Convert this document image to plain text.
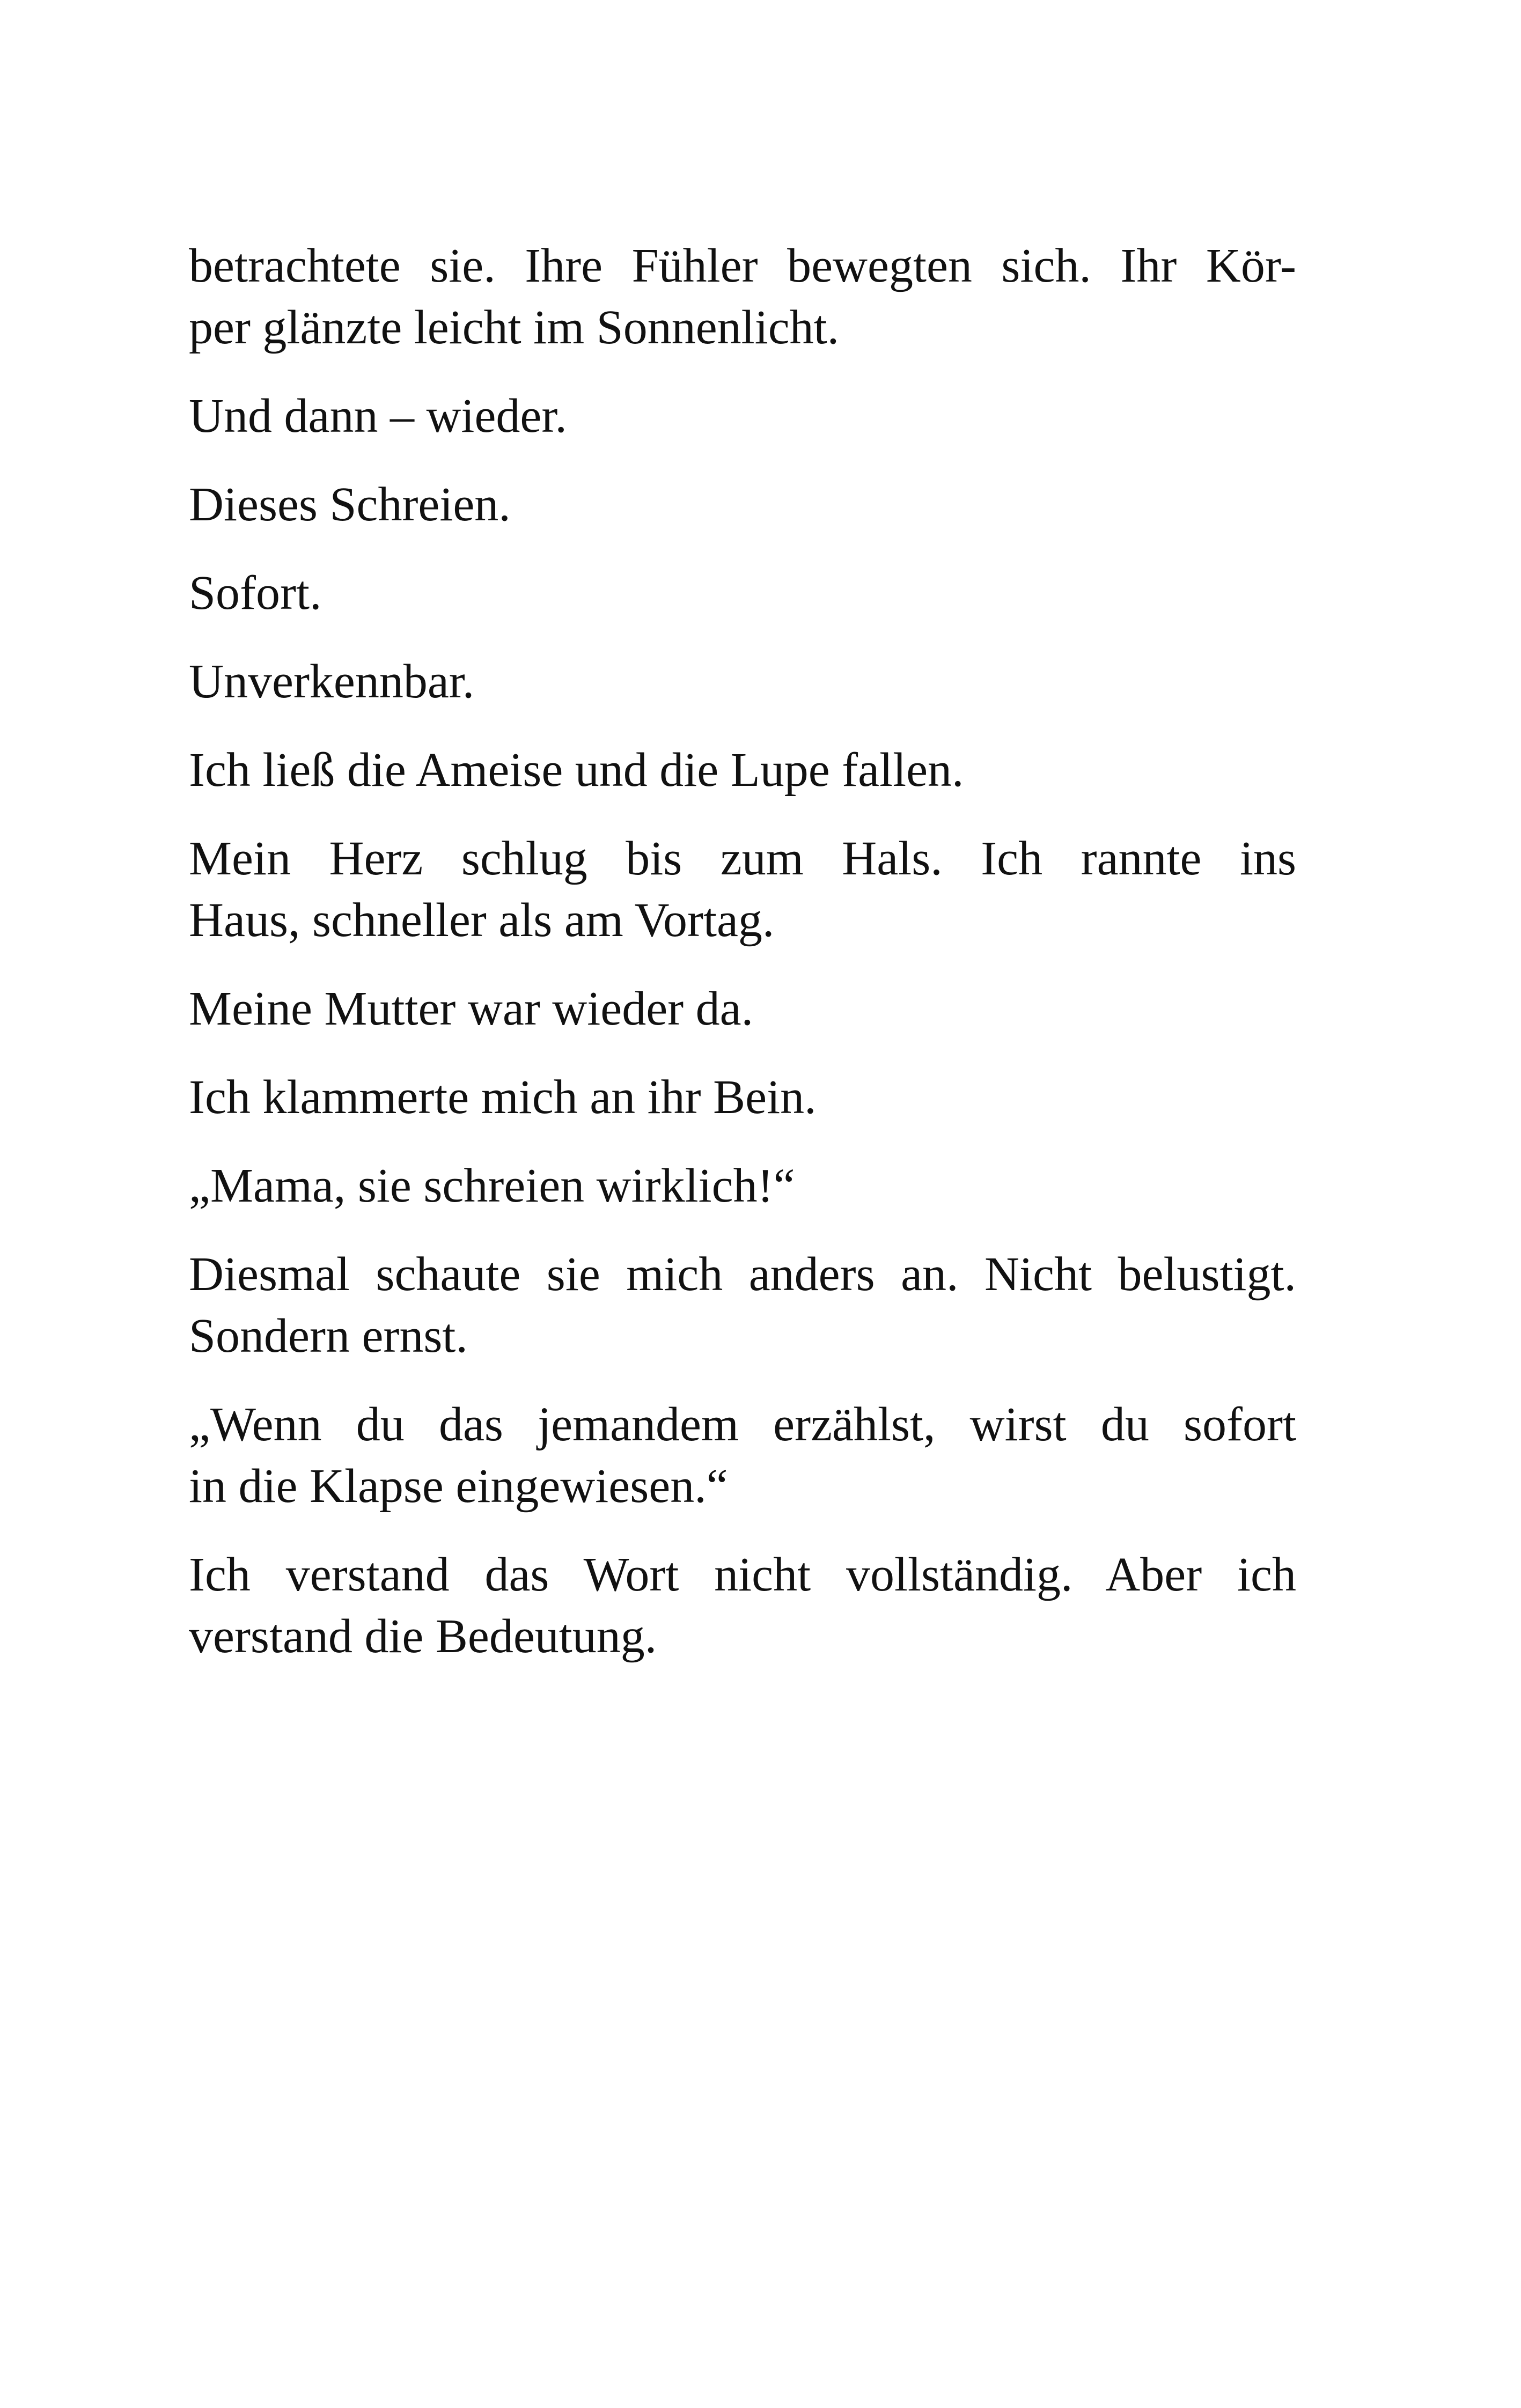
betrachtete sie. Ihre Fühler bewegten sich. Ihr Kör-
per glänzte leicht im Sonnenlicht.

Und dann – wieder.

Dieses Schreien.

Sofort.

Unverkennbar.

Ich ließ die Ameise und die Lupe fallen.

Mein Herz schlug bis zum Hals. Ich rannte ins
Haus, schneller als am Vortag.

Meine Mutter war wieder da.

Ich klammerte mich an ihr Bein.

„Mama, sie schreien wirklich!“

Diesmal schaute sie mich anders an. Nicht belustigt.
Sondern ernst.

„Wenn du das jemandem erzählst, wirst du sofort
in die Klapse eingewiesen.“

Ich verstand das Wort nicht vollständig. Aber ich
verstand die Bedeutung.
